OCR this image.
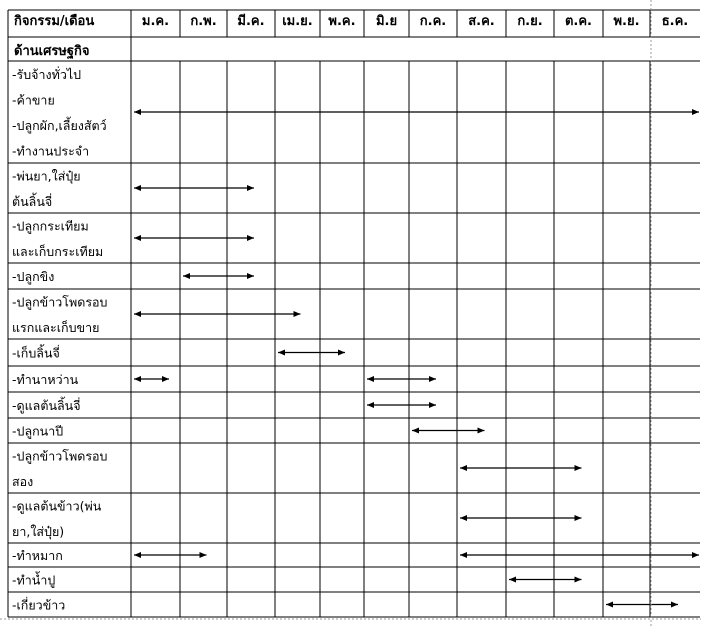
กิจกรรม/เดือน	ม.ค. ก.พ. มี.ค. เม.ย. พ.ค. มิ.ย ก.ค. ส.ค. ก.ย. ต.ค. พ.ย. ธ.ค.
ด้านเศรษฐกิจ
-รับจ้างทั่วไป
-ค้าขาย
-ปลูกผัก,เลี้ยงสัตว์
-ทำงานประจำ
-พ่นยา,ใส่ปุ๋ย
ต้นลิ้นจี่
-ปลูกกระเทียม
และเก็บกระเทียม
-ปลูกขิง
-ปลูกข้าวโพดรอบ
แรกและเก็บขาย
-เก็บลิ้นจี่
-ทำนาหว่าน
-ดูแลต้นลิ้นจี่
-ปลูกนาปี
-ปลูกข้าวโพดรอบ
สอง
-ดูแลต้นข้าว(พ่น
ยา,ใส่ปุ๋ย)
-ทำหมาก
-ทำน้ำปู
-เกี่ยวข้าว
